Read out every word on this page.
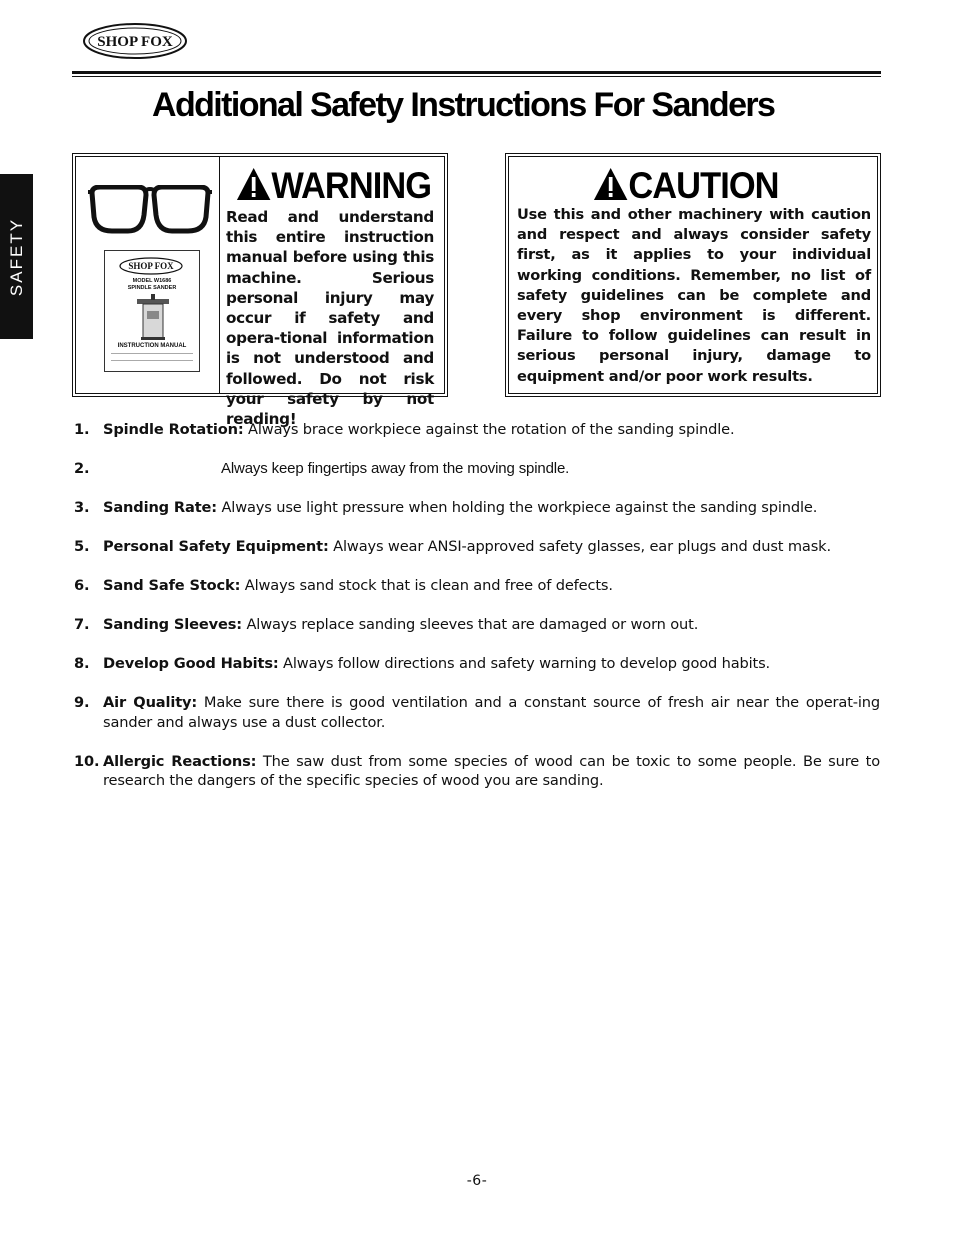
SHOP FOX
Additional Safety Instructions For Sanders
SAFETY	SHOP FOX
MODEL W1686
SPINDLE SANDER
INSTRUCTION MANUAL
WARNING

Read and understand this entire instruction manual before using this machine. Serious personal injury may occur if safety and opera-tional information is not understood and followed. Do not risk your safety by not reading!

CAUTION

Use this and other machinery with caution and respect and always consider safety first, as it applies to your individual working conditions. Remember, no list of safety guidelines can be complete and every shop environment is different. Failure to follow guidelines can result in serious personal injury, damage to equipment and/or poor work results.

1. Spindle Rotation: Always brace workpiece against the rotation of the sanding spindle.
2.	Always keep fingertips away from the moving spindle.
3. Sanding Rate: Always use light pressure when holding the workpiece against the sanding spindle.
5. Personal Safety Equipment: Always wear ANSI-approved safety glasses, ear plugs and dust mask.
6. Sand Safe Stock: Always sand stock that is clean and free of defects.
7. Sanding Sleeves: Always replace sanding sleeves that are damaged or worn out.
8. Develop Good Habits: Always follow directions and safety warning to develop good habits.
9. Air Quality: Make sure there is good ventilation and a constant source of fresh air near the operat-ing sander and always use a dust collector.
10. Allergic Reactions: The saw dust from some species of wood can be toxic to some people. Be sure to research the dangers of the specific species of wood you are sanding.
-6-
